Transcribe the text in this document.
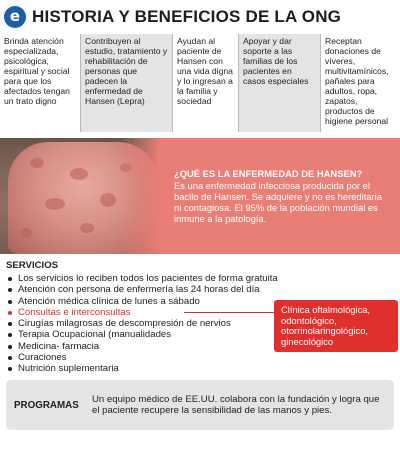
e HISTORIA Y BENEFICIOS DE LA ONG
Brinda atención especializada, psicológica, espiritual y social para que los afectados tengan un trato digno
Contribuyen al estudio, tratamiento y rehabilitación de personas que padecen la enfermedad de Hansen (Lepra)
Ayudan al paciente de Hansen con una vida digna y lo ingresan a la familia y sociedad
Apoyar y dar soporte a las familias de los pacientes en casos especiales
Receptan donaciones de víveres, multivitamínicos, pañales para adultos, ropa, zapatos, productos de higiene personal
¿QUÉ ES LA ENFERMEDAD DE HANSEN?
Es una enfermedad infecciosa producida por el bacilo de Hansen. Se adquiere y no es hereditaria ni contagiosa. El 95% de la población mundial es inmune a la patología.
SERVICIOS
Los servicios lo reciben todos los pacientes de forma gratuita
Atención con persona de enfermería las 24 horas del día
Atención médica clínica de lunes a sábado
Consultas e interconsultas
Cirugías milagrosas de descompresión de nervios
Terapia Ocupacional (manualidades
Medicina- farmacia
Curaciones
Nutrición suplementaria
Clínica oftalmológica, odontológico, otorrinolaringológico, ginecológico
PROGRAMAS	Un equipo médico de EE.UU. colabora con la fundación y logra que el paciente recupere la sensibilidad de las manos y pies.
